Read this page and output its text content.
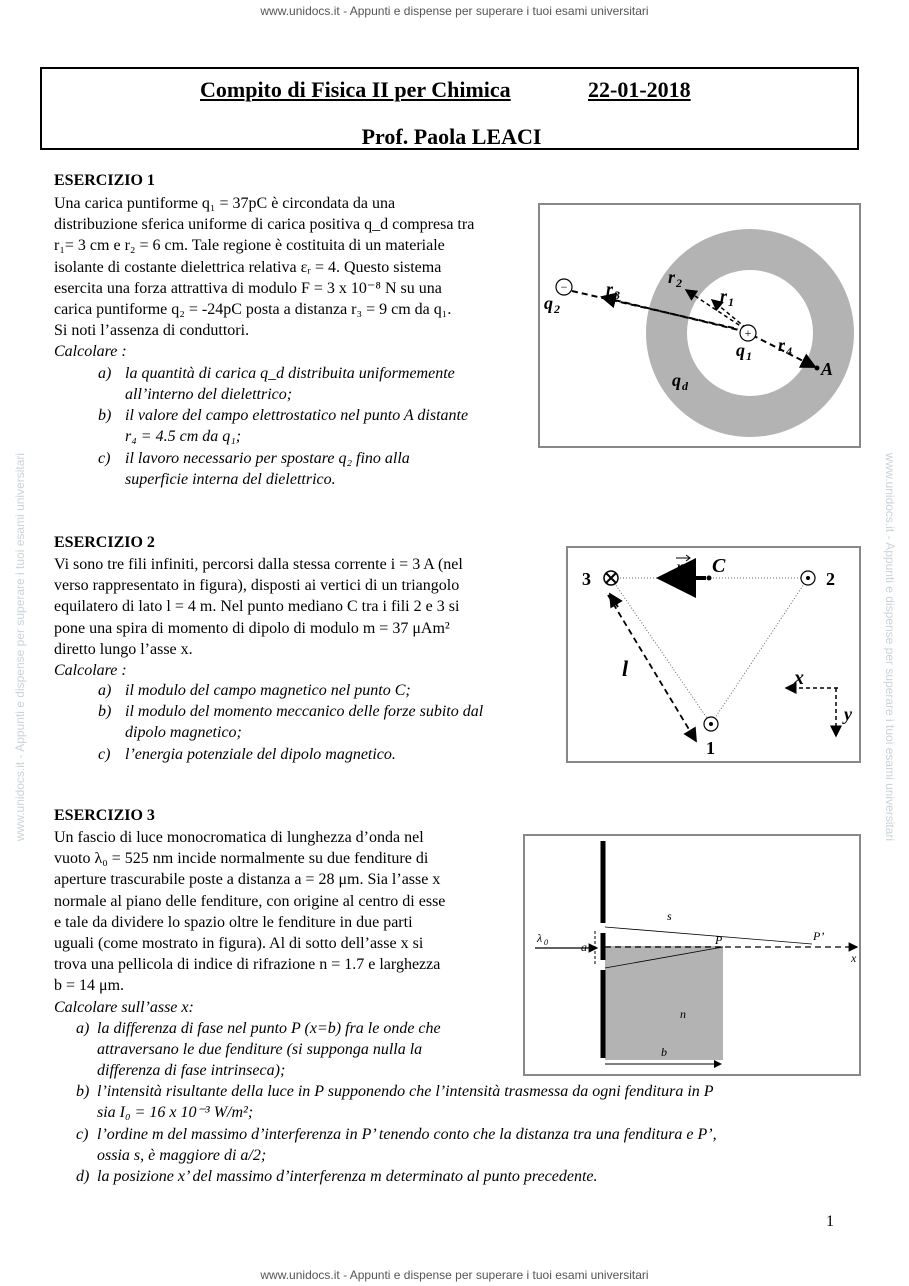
www.unidocs.it - Appunti e dispense per superare i tuoi esami universitari
www.unidocs.it - Appunti e dispense per superare i tuoi esami universitari
www.unidocs.it - Appunti e dispense per superare i tuoi esami universitari	www.unidocs.it - Appunti e dispense per superare i tuoi esami universitari
Compito di Fisica II per Chimica	22-01-2018
Prof. Paola LEACI
ESERCIZIO 1
Una carica puntiforme q₁ = 37pC è circondata da una
distribuzione sferica uniforme di carica positiva q_d compresa tra
r₁= 3 cm e r₂ = 6 cm. Tale regione è costituita di un materiale
isolante di costante dielettrica relativa εᵣ = 4. Questo sistema
esercita una forza attrattiva di modulo F = 3 x 10⁻⁸ N su una
carica puntiforme q₂ = -24pC posta a distanza r₃ = 9 cm da q₁.
Si noti l’assenza di conduttori.
Calcolare :
a) la quantità di carica q_d distribuita uniformemente
all’interno del dielettrico;
b) il valore del campo elettrostatico nel punto A distante
r₄ = 4.5 cm da q₁;
c) il lavoro necessario per spostare q₂ fino alla
superficie interna del dielettrico.
+
−
q 2
r 3
r 2
r 1
q 1
r 4
q d
A
ESERCIZIO 2
Vi sono tre fili infiniti, percorsi dalla stessa corrente i = 3 A (nel
verso rappresentato in figura), disposti ai vertici di un triangolo
equilatero di lato l = 4 m. Nel punto mediano C tra i fili 2 e 3 si
pone una spira di momento di dipolo di modulo m = 37 μAm²
diretto lungo l’asse x.
Calcolare :
a) il modulo del campo magnetico nel punto C;
b) il modulo del momento meccanico delle forze subito dal
dipolo magnetico;
c) l’energia potenziale del dipolo magnetico.
3	2
1
m C
l	x
y
ESERCIZIO 3
Un fascio di luce monocromatica di lunghezza d’onda nel
vuoto λ₀ = 525 nm incide normalmente su due fenditure di
aperture trascurabile poste a distanza a = 28 μm. Sia l’asse x
normale al piano delle fenditure, con origine al centro di esse
e tale da dividere lo spazio oltre le fenditure in due parti
uguali (come mostrato in figura). Al di sotto dell’asse x si
trova una pellicola di indice di rifrazione n = 1.7 e larghezza
b = 14 μm.
Calcolare sull’asse x:
a) la differenza di fase nel punto P (x=b) fra le onde che
attraversano le due fenditure (si supponga nulla la
differenza di fase intrinseca);
b) l’intensità risultante della luce in P supponendo che l’intensità trasmessa da ogni fenditura in P
sia I₀ = 16 x 10⁻³ W/m²;
c) l’ordine m del massimo d’interferenza in P’ tenendo conto che la distanza tra una fenditura e P’,
ossia s, è maggiore di a/2;
d) la posizione x’ del massimo d’interferenza m determinato al punto precedente.
λ 0	a
s
P	P’
x
n
b
1
